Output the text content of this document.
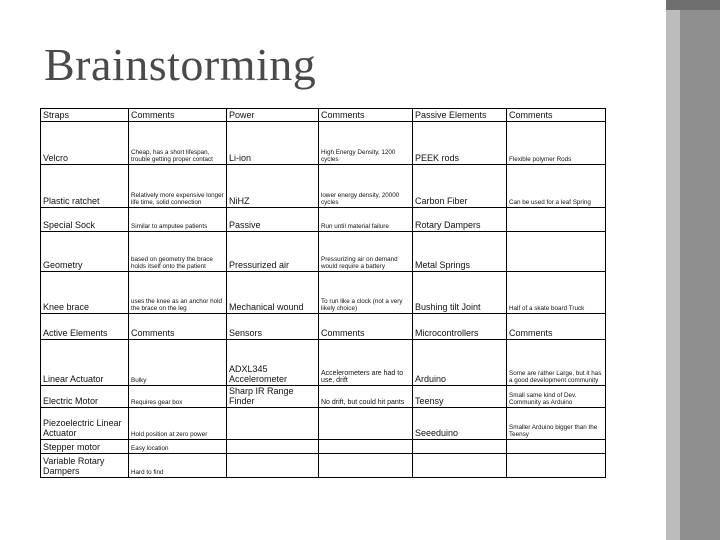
Brainstorming
Straps	Comments	Power	Comments	Passive Elements	Comments
Velcro	Cheap, has a short lifespan, trouble getting proper contact	Li-ion	High Energy Density, 1200 cycles	PEEK rods	Flexible polymer Rods
Plastic ratchet	Relatively more expensive longer life time, solid connection	NiHZ	lower energy density, 20000 cycles	Carbon Fiber	Can be used for a leaf Spring
Special Sock	Similar to amputee patients	Passive	Run until material failure	Rotary Dampers	
Geometry	based on geometry the brace holds itself onto the patient	Pressurized air	Pressurizing air on demand would require a battery	Metal Springs	
Knee brace	uses the knee as an anchor hold the brace on the leg	Mechanical wound	To run like a clock (not a very likely choice)	Bushing tilt Joint	Half of a skate board Truck
Active Elements	Comments	Sensors	Comments	Microcontrollers	Comments
Linear Actuator	Bulky	ADXL345 Accelerometer	Accelerometers are had to use, drift	Arduino	Some are rather Large, but it has a good development community
Electric Motor	Requires gear box	Sharp IR Range Finder	No drift, but could hit pants	Teensy	Small same kind of Dev. Community as Arduino
Piezoelectric Linear Actuator	Hold position at zero power			Seeeduino	Smaller Arduino bigger than the Teensy
Stepper motor	Easy location				
Variable Rotary Dampers	Hard to find				
